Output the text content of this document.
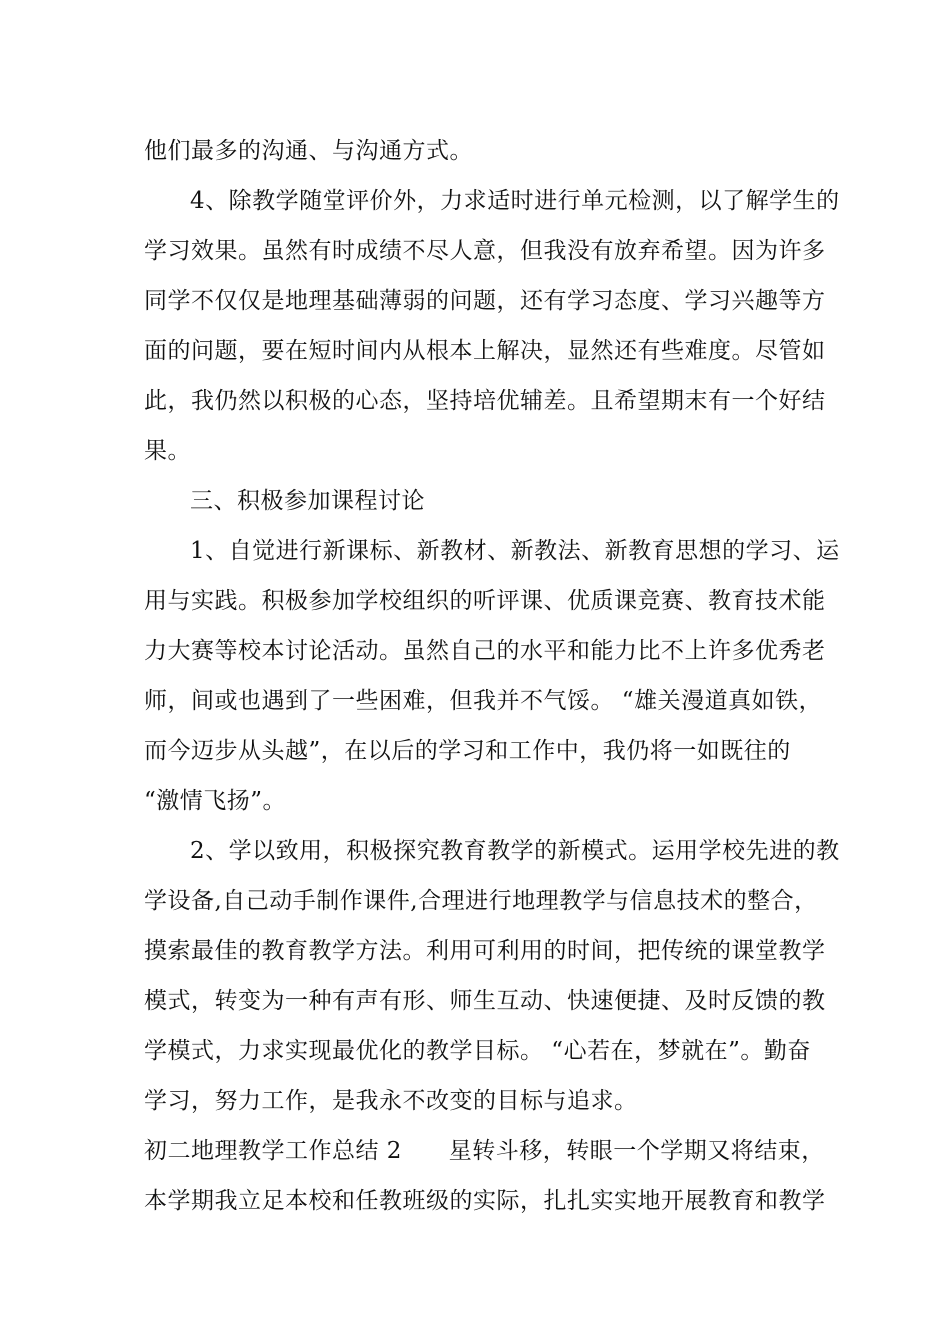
他们最多的沟通、与沟通方式。
4、除教学随堂评价外，力求适时进行单元检测，以了解学生的
学习效果。虽然有时成绩不尽人意，但我没有放弃希望。因为许多
同学不仅仅是地理基础薄弱的问题，还有学习态度、学习兴趣等方
面的问题，要在短时间内从根本上解决，显然还有些难度。尽管如
此，我仍然以积极的心态，坚持培优辅差。且希望期末有一个好结
果。
三、积极参加课程讨论
1、自觉进行新课标、新教材、新教法、新教育思想的学习、运
用与实践。积极参加学校组织的听评课、优质课竞赛、教育技术能
力大赛等校本讨论活动。虽然自己的水平和能力比不上许多优秀老
师，间或也遇到了一些困难，但我并不气馁。 “雄关漫道真如铁，
而今迈步从头越”，在以后的学习和工作中，我仍将一如既往的
“激情飞扬”。
2、学以致用，积极探究教育教学的新模式。运用学校先进的教
学设备,自己动手制作课件,合理进行地理教学与信息技术的整合，
摸索最佳的教育教学方法。利用可利用的时间，把传统的课堂教学
模式，转变为一种有声有形、师生互动、快速便捷、及时反馈的教
学模式，力求实现最优化的教学目标。 “心若在，梦就在”。勤奋
学习，努力工作，是我永不改变的目标与追求。
初二地理教学工作总结 2      星转斗移，转眼一个学期又将结束，
本学期我立足本校和任教班级的实际，扎扎实实地开展教育和教学
